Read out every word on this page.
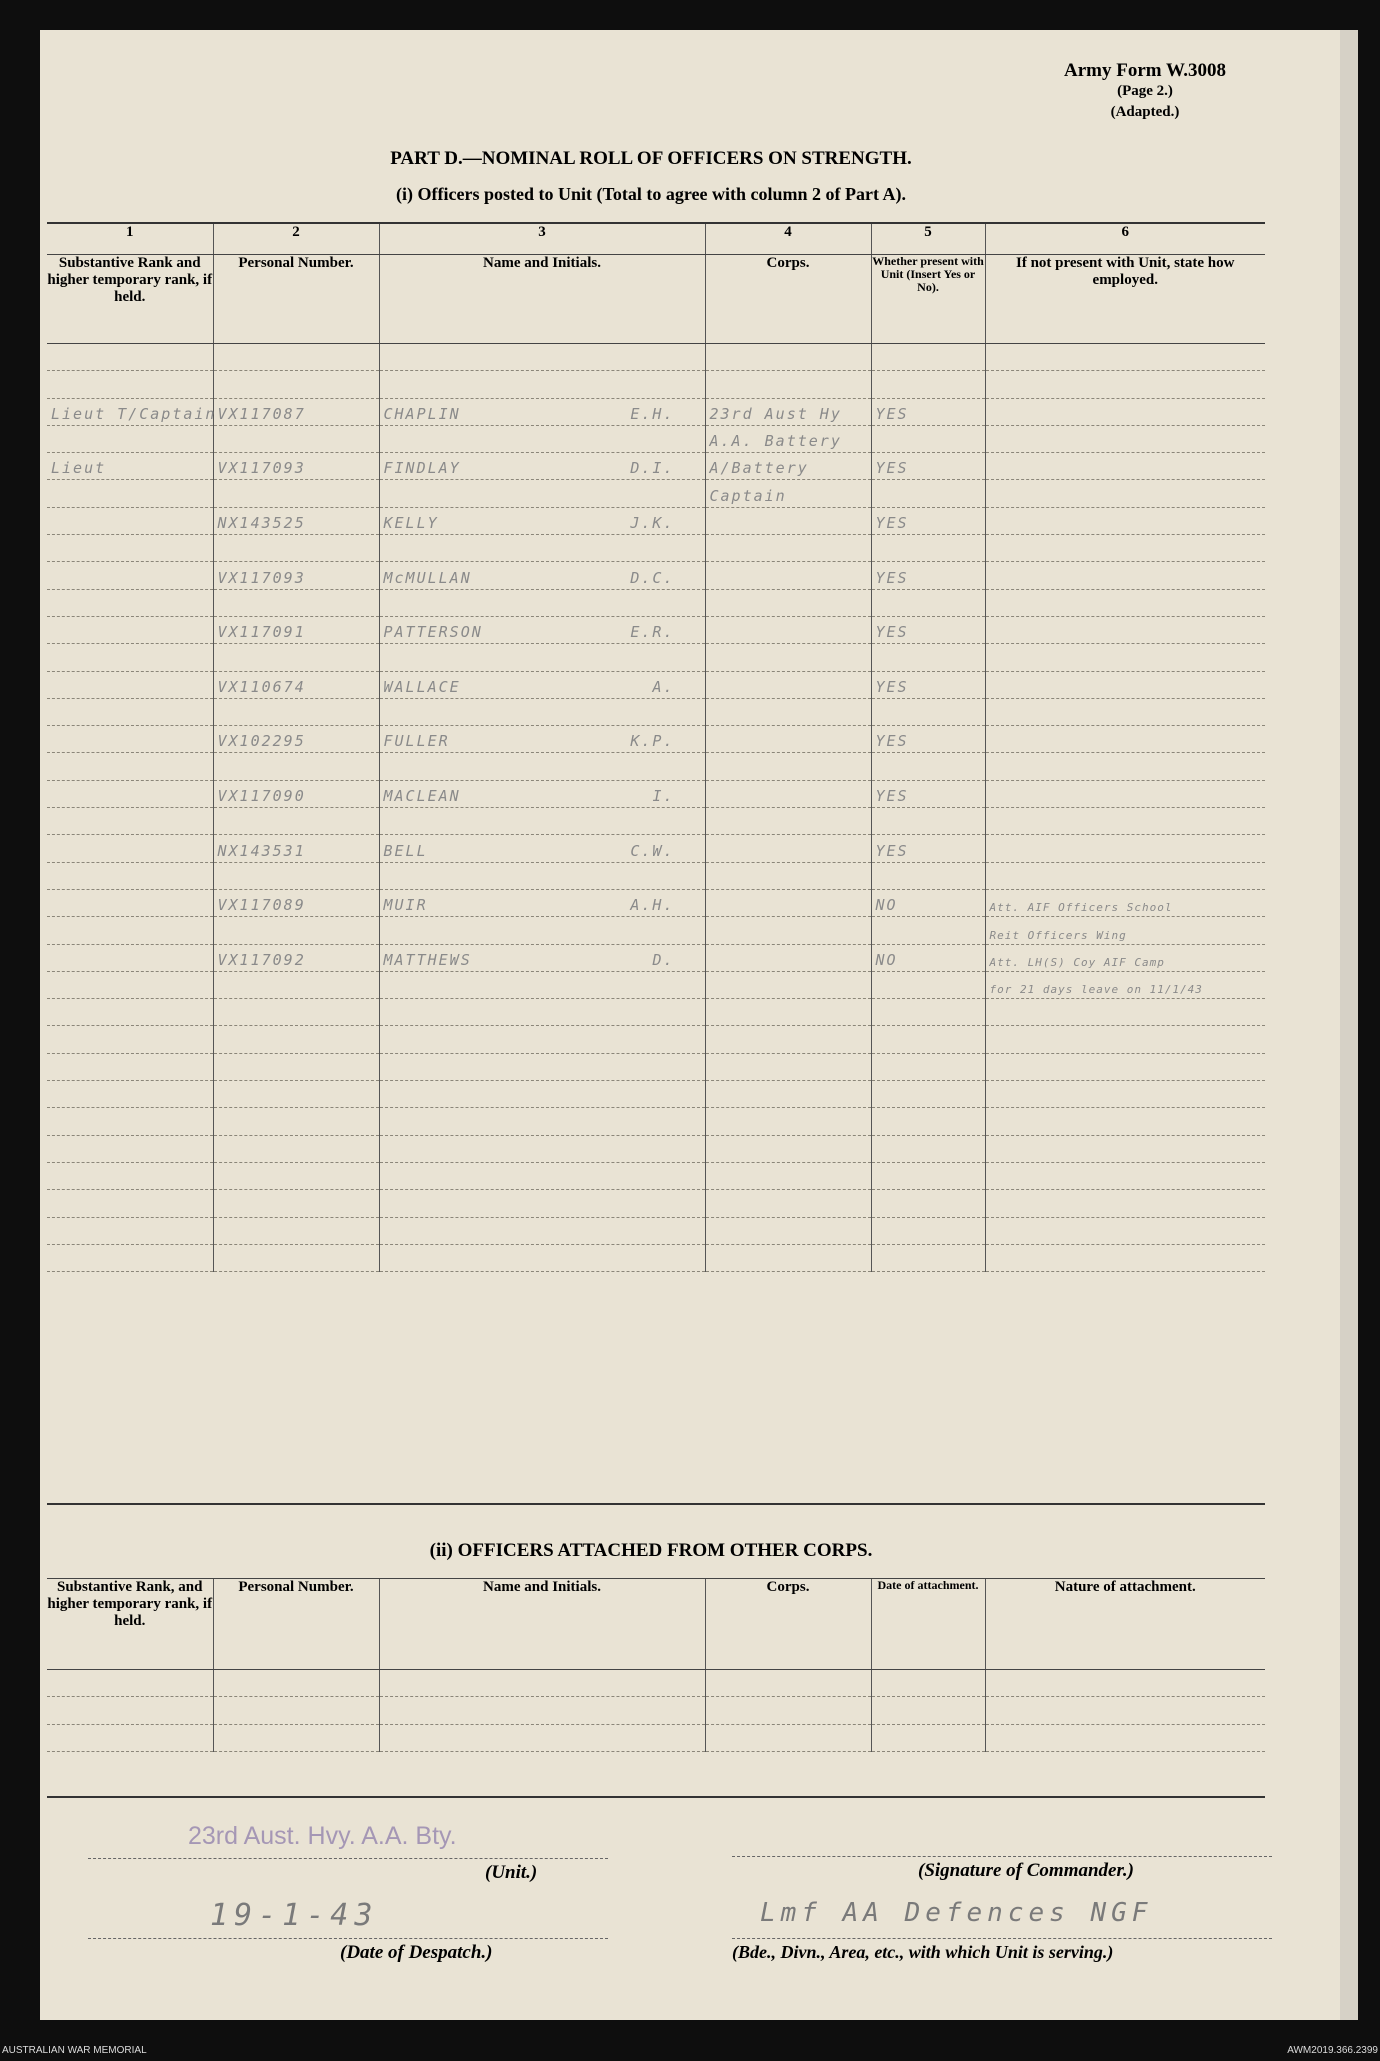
Army Form W.3008
(Page 2.)
(Adapted.)
PART D.—NOMINAL ROLL OF OFFICERS ON STRENGTH.
(i) Officers posted to Unit (Total to agree with column 2 of Part A).
1	2	3	4	5	6
Substantive Rank and higher temporary rank, if held.	Personal Number.	Name and Initials.	Corps.	Whether present with Unit (Insert Yes or No).	If not present with Unit, state how employed.

Lieut T/Captain	VX117087	CHAPLIN E.H.	23rd Aust Hy	YES	

			A.A. Battery		

Lieut	VX117093	FINDLAY D.I.	A/Battery	YES	

			Captain		

	NX143525	KELLY J.K.		YES	

	VX117093	McMULLAN D.C.		YES	

	VX117091	PATTERSON E.R.		YES	

	VX110674	WALLACE A.		YES	

	VX102295	FULLER K.P.		YES	

	VX117090	MACLEAN I.		YES	

	NX143531	BELL C.W.		YES	

	VX117089	MUIR A.H.		NO	Att. AIF Officers School

					Reit Officers Wing

	VX117092	MATTHEWS D.		NO	Att. LH(S) Coy AIF Camp

					for 21 days leave on 11/1/43

(ii) OFFICERS ATTACHED FROM OTHER CORPS.
Substantive Rank, and higher temporary rank, if held.	Personal Number.	Name and Initials.	Corps.	Date of attachment.	Nature of attachment.

23rd Aust. Hvy. A.A. Bty.
(Unit.)	(Signature of Commander.)
19-1-43
(Date of Despatch.)
Lmf AA Defences NGF
(Bde., Divn., Area, etc., with which Unit is serving.)
AUSTRALIAN WAR MEMORIAL	AWM2019.366.2399
